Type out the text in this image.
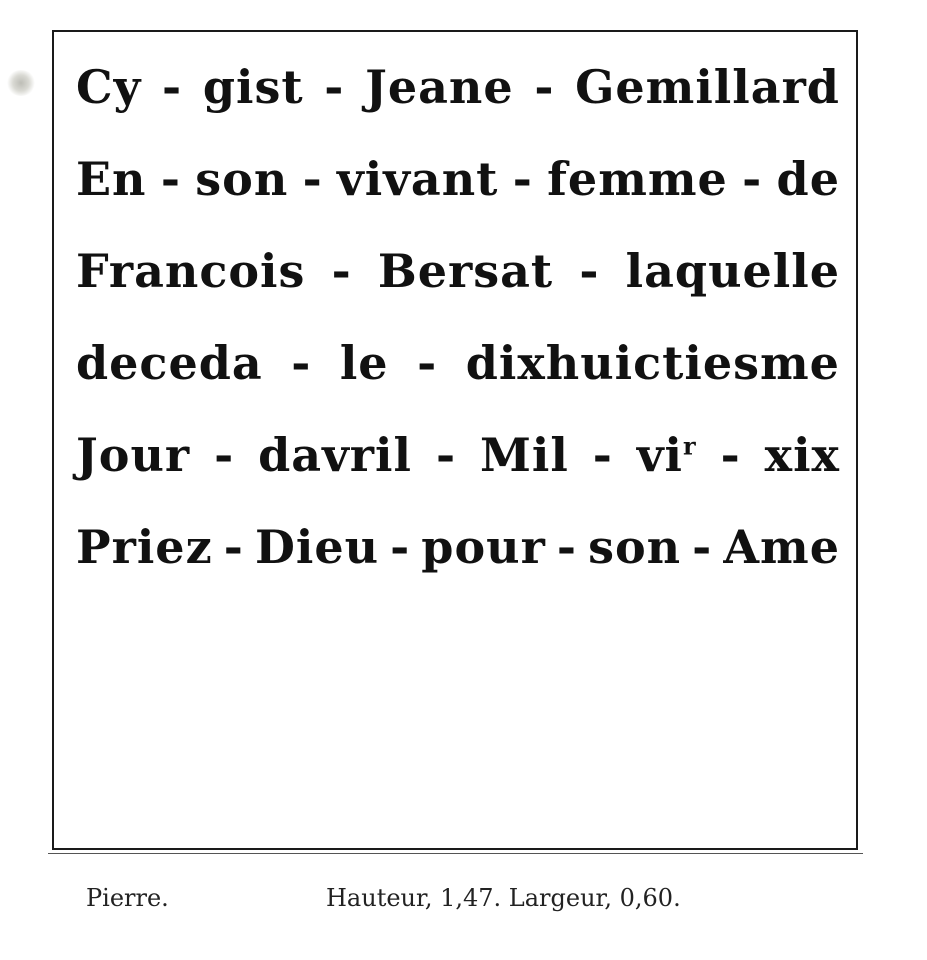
Cy - gist - Jeane - Gemillard
En - son - vivant - femme - de
Francois - Bersat - laquelle
deceda - le - dixhuictiesme
Jour - davril - Mil - $vi^r$ - xix
Priez - Dieu - pour - son - Ame
Pierre.	Hauteur, 1,47. Largeur, 0,60.
